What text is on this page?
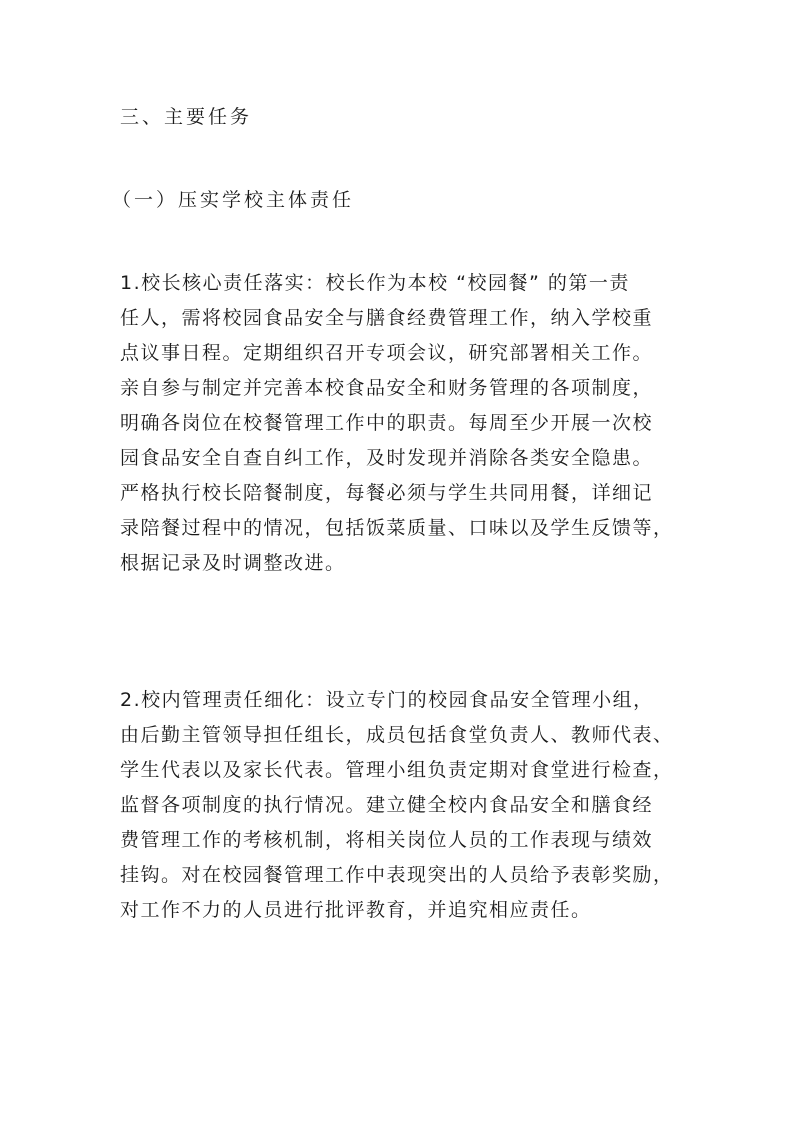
三、主要任务
（一）压实学校主体责任
1.校长核心责任落实：校长作为本校 “校园餐” 的第一责
任人，需将校园食品安全与膳食经费管理工作，纳入学校重
点议事日程。定期组织召开专项会议，研究部署相关工作。
亲自参与制定并完善本校食品安全和财务管理的各项制度，
明确各岗位在校餐管理工作中的职责。每周至少开展一次校
园食品安全自查自纠工作，及时发现并消除各类安全隐患。
严格执行校长陪餐制度，每餐必须与学生共同用餐，详细记
录陪餐过程中的情况，包括饭菜质量、口味以及学生反馈等，
根据记录及时调整改进。
2.校内管理责任细化：设立专门的校园食品安全管理小组，
由后勤主管领导担任组长，成员包括食堂负责人、教师代表、
学生代表以及家长代表。管理小组负责定期对食堂进行检查，
监督各项制度的执行情况。建立健全校内食品安全和膳食经
费管理工作的考核机制，将相关岗位人员的工作表现与绩效
挂钩。对在校园餐管理工作中表现突出的人员给予表彰奖励，
对工作不力的人员进行批评教育，并追究相应责任。
